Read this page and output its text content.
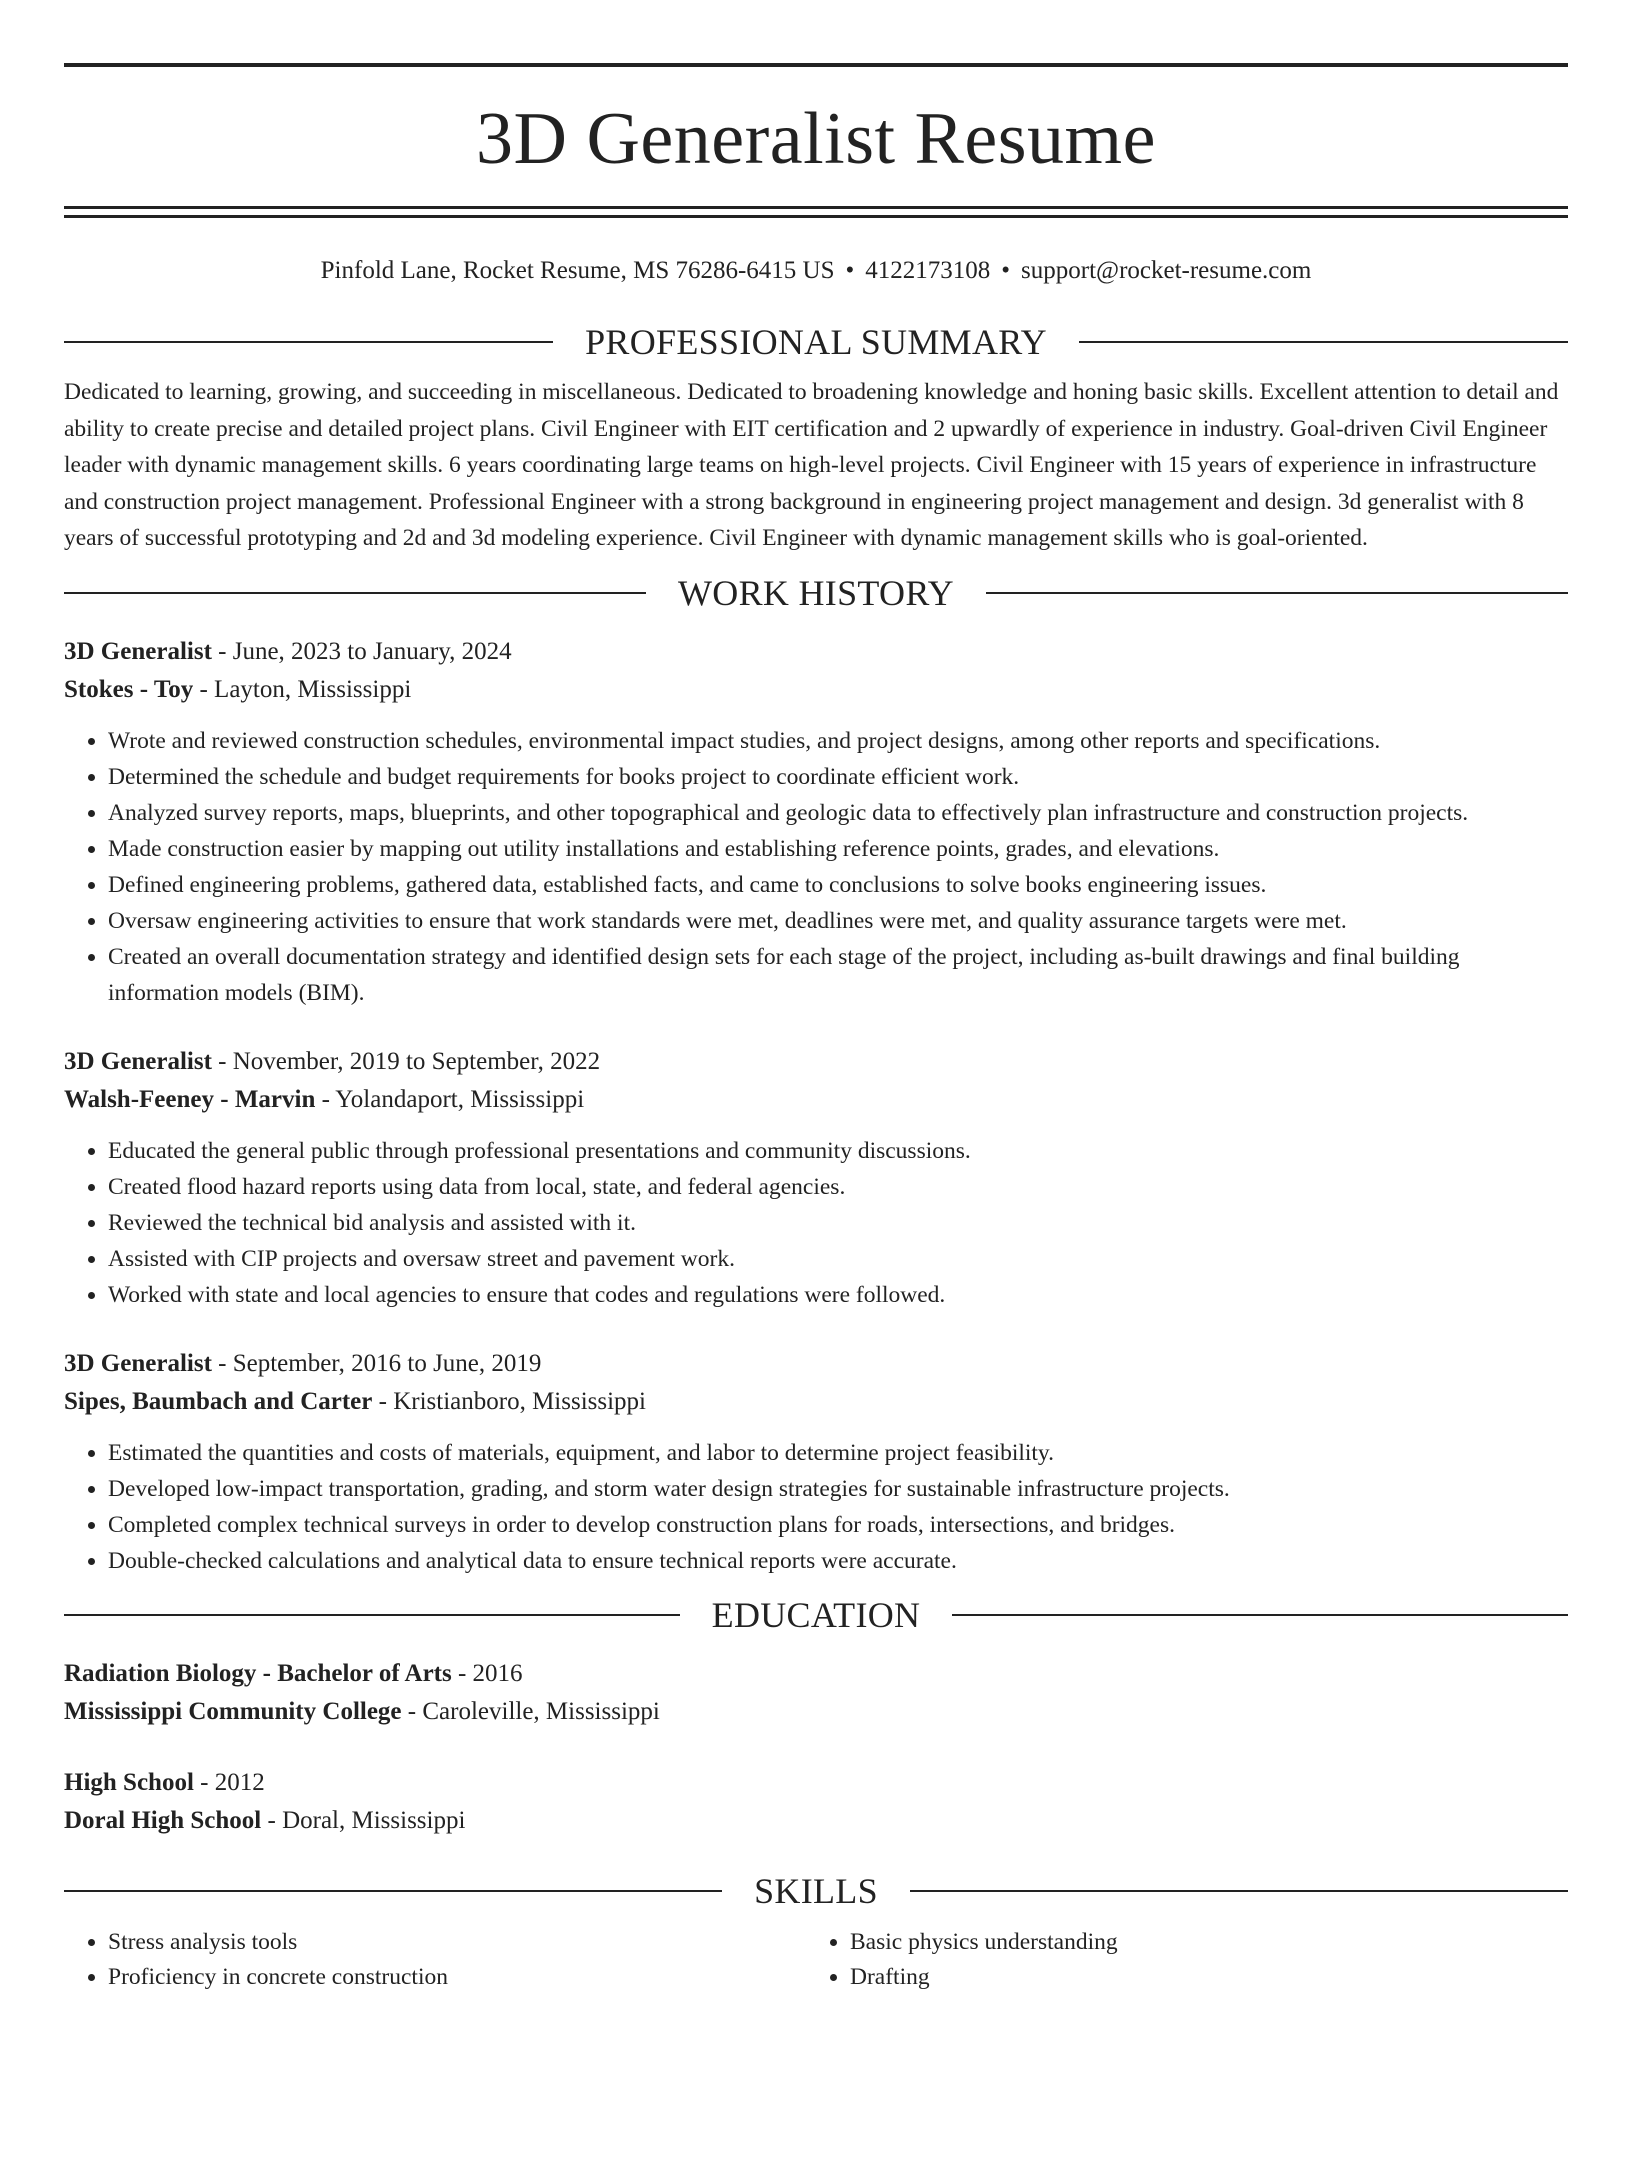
3D Generalist Resume
Pinfold Lane, Rocket Resume, MS 76286-6415 US • 4122173108 • support@rocket-resume.com
PROFESSIONAL SUMMARY

Dedicated to learning, growing, and succeeding in miscellaneous. Dedicated to broadening knowledge and honing basic skills. Excellent attention to detail and ability to create precise and detailed project plans. Civil Engineer with EIT certification and 2 upwardly of experience in industry. Goal-driven Civil Engineer leader with dynamic management skills. 6 years coordinating large teams on high-level projects. Civil Engineer with 15 years of experience in infrastructure and construction project management. Professional Engineer with a strong background in engineering project management and design. 3d generalist with 8 years of successful prototyping and 2d and 3d modeling experience. Civil Engineer with dynamic management skills who is goal-oriented.

WORK HISTORY
3D Generalist - June, 2023 to January, 2024
Stokes - Toy - Layton, Mississippi
• Wrote and reviewed construction schedules, environmental impact studies, and project designs, among other reports and specifications.
• Determined the schedule and budget requirements for books project to coordinate efficient work.
• Analyzed survey reports, maps, blueprints, and other topographical and geologic data to effectively plan infrastructure and construction projects.
• Made construction easier by mapping out utility installations and establishing reference points, grades, and elevations.
• Defined engineering problems, gathered data, established facts, and came to conclusions to solve books engineering issues.
• Oversaw engineering activities to ensure that work standards were met, deadlines were met, and quality assurance targets were met.
• Created an overall documentation strategy and identified design sets for each stage of the project, including as-built drawings and final building information models (BIM).
3D Generalist - November, 2019 to September, 2022
Walsh-Feeney - Marvin - Yolandaport, Mississippi
• Educated the general public through professional presentations and community discussions.
• Created flood hazard reports using data from local, state, and federal agencies.
• Reviewed the technical bid analysis and assisted with it.
• Assisted with CIP projects and oversaw street and pavement work.
• Worked with state and local agencies to ensure that codes and regulations were followed.
3D Generalist - September, 2016 to June, 2019
Sipes, Baumbach and Carter - Kristianboro, Mississippi
• Estimated the quantities and costs of materials, equipment, and labor to determine project feasibility.
• Developed low-impact transportation, grading, and storm water design strategies for sustainable infrastructure projects.
• Completed complex technical surveys in order to develop construction plans for roads, intersections, and bridges.
• Double-checked calculations and analytical data to ensure technical reports were accurate.
EDUCATION
Radiation Biology - Bachelor of Arts - 2016
Mississippi Community College - Caroleville, Mississippi
High School - 2012
Doral High School - Doral, Mississippi
SKILLS
• Stress analysis tools
• Proficiency in concrete construction
• Basic physics understanding
• Drafting
